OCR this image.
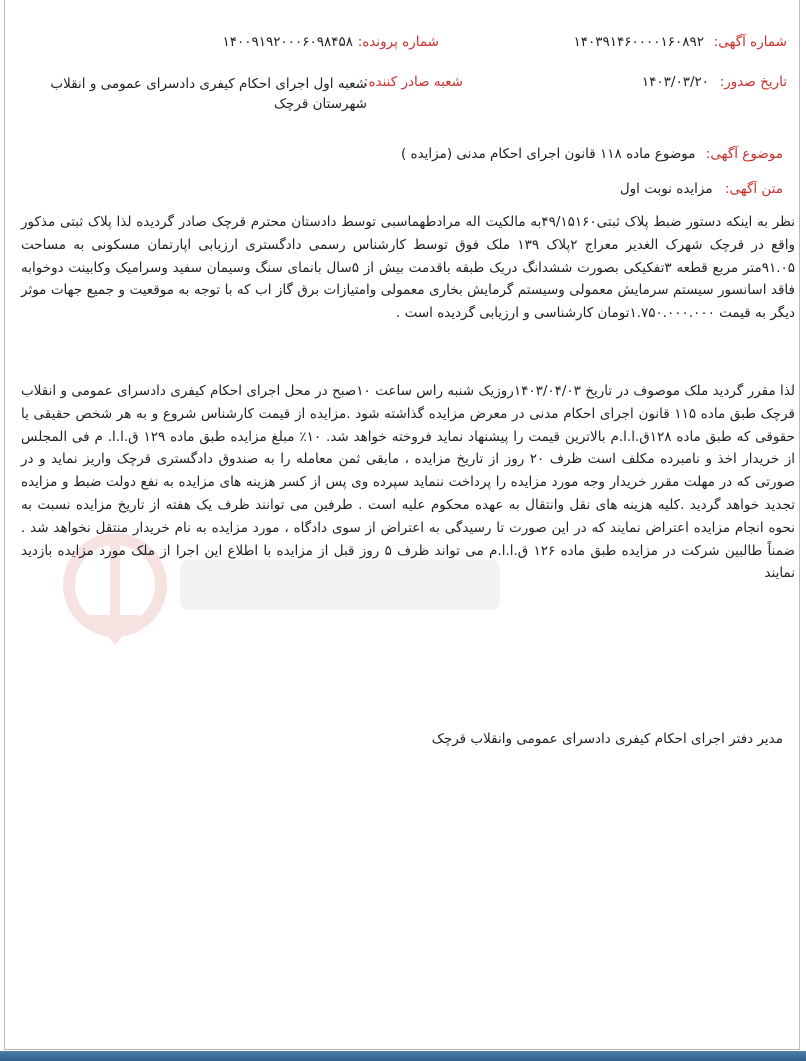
شماره آگهی:
۱۴۰۳۹۱۴۶۰۰۰۰۱۶۰۸۹۲
شماره پرونده:
۱۴۰۰۹۱۹۲۰۰۰۶۰۹۸۴۵۸
تاریخ صدور:
۱۴۰۳/۰۳/۲۰
شعبه صادر کننده:
شعبه اول اجرای احکام کیفری دادسرای عمومی و انقلاب شهرستان قرچک
موضوع آگهی: موضوع ماده ۱۱۸ قانون اجرای احکام مدنی (مزایده )
متن آگهی: مزایده نوبت اول
نظر به اینکه دستور ضبط پلاک ثبتی۴۹/۱۵۱۶۰به مالکیت اله مرادطهماسبی توسط دادستان محترم قرچک صادر گردیده لذا پلاک ثبتی مذکور واقع در قرچک شهرک الغدیر معراج ۲پلاک ۱۳۹ ملک فوق توسط کارشناس رسمی دادگستری ارزیابی اپارتمان مسکونی به مساحت ۹۱.۰۵متر مربع قطعه ۳تفکیکی بصورت ششدانگ دریک طبقه باقدمت بیش از ۵سال بانمای سنگ وسیمان سفید وسرامیک وکابینت دوخوابه فاقد اسانسور سیستم سرمایش معمولی وسیستم گرمایش بخاری معمولی وامتیازات برق گاز اب که با توجه به موقعیت و جمیع جهات موثر دیگر به قیمت ۱.۷۵۰.۰۰۰.۰۰۰تومان کارشناسی و ارزیابی گردیده است .
لذا مقرر گردید ملک موصوف در تاریخ ۱۴۰۳/۰۴/۰۳روزیک شنبه راس ساعت ۱۰صبح در محل اجرای احکام کیفری دادسرای عمومی و انقلاب قرچک طبق ماده ۱۱۵ قانون اجرای احکام مدنی در معرض مزایده گذاشته شود .مزایده از قیمت کارشناس شروع و به هر شخص حقیقی یا حقوقی که طبق ماده ۱۲۸ق.ا.ا.م بالاترین قیمت را پیشنهاد نماید فروخته خواهد شد. ۱۰٪ مبلغ مزایده طبق ماده ۱۲۹ ق.ا.ا. م فی المجلس از خریدار اخذ و نامبرده مکلف است ظرف ۲۰ روز از تاریخ مزایده ، مابقی ثمن معامله را به صندوق دادگستری قرچک واریز نماید و در صورتی که در مهلت مقرر خریدار وجه مورد مزایده را پرداخت ننماید سپرده وی پس از کسر هزینه های مزایده به نفع دولت ضبط و مزایده تجدید خواهد گردید .کلیه هزینه های نقل وانتقال به عهده محکوم علیه است . طرفین می توانند ظرف یک هفته از تاریخ مزایده نسبت به نحوه انجام مزایده اعتراض نمایند که در این صورت تا رسیدگی به اعتراض از سوی دادگاه ، مورد مزایده به نام خریدار منتقل نخواهد شد . ضمناً طالبین شرکت در مزایده طبق ماده ۱۲۶ ق.ا.ا.م می تواند ظرف ۵ روز قبل از مزایده با اطلاع این اجرا از ملک مورد مزایده بازدید نمایند
مدیر دفتر اجرای احکام کیفری دادسرای عمومی وانقلاب قرچک
